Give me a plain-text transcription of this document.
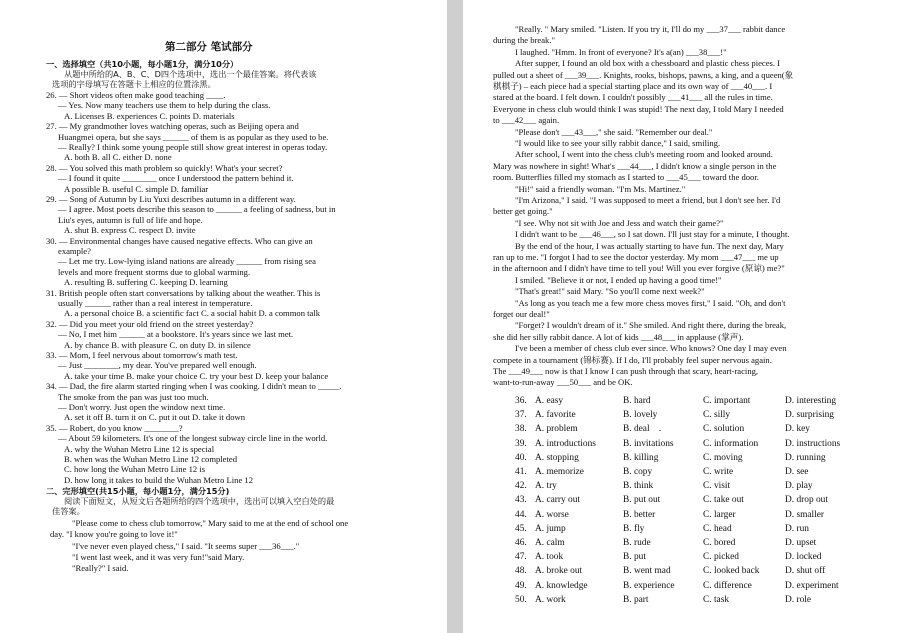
第二部分 笔试部分
一、选择填空（共10小题，每小题1分，满分10分）
从题中所给的A、B、C、D四个选项中，选出一个最佳答案。将代表该
选项的字母填写在答题卡上相应的位置涂黑。
26. — Short videos often make good teaching ____.
— Yes. Now many teachers use them to help during the class.
A. Licenses B. experiences C. points D. materials
27. — My grandmother loves watching operas, such as Beijing opera and
Huangmei opera, but she says ______ of them is as popular as they used to be.
— Really? I think some young people still show great interest in operas today.
A. both B. all C. either D. none
28. — You solved this math problem so quickly! What's your secret?
— I found it quite ________ once I understood the pattern behind it.
A possible B. useful C. simple D. familiar
29. — Song of Autumn by Liu Yuxi describes autumn in a different way.
— I agree. Most poets describe this season to ______ a feeling of sadness, but in
Liu's eyes, autumn is full of life and hope.
A. shut B. express C. respect D. invite
30. — Environmental changes have caused negative effects. Who can give an
example?
— Let me try. Low-lying island nations are already ______ from rising sea
levels and more frequent storms due to global warming.
A. resulting B. suffering C. keeping D. learning
31. British people often start conversations by talking about the weather. This is
usually ______ rather than a real interest in temperature.
A. a personal choice B. a scientific fact C. a social habit D. a common talk
32. — Did you meet your old friend on the street yesterday?
— No, I met him ______ at a bookstore. It's years since we last met.
A. by chance B. with pleasure C. on duty D. in silence
33. — Mom, I feel nervous about tomorrow's math test.
— Just ________, my dear. You've prepared well enough.
A. take your time B. make your choice C. try your best D. keep your balance
34. — Dad, the fire alarm started ringing when I was cooking. I didn't mean to _____.
The smoke from the pan was just too much.
— Don't worry. Just open the window next time.
A. set it off B. turn it on C. put it out D. take it down
35. — Robert, do you know ________?
— About 59 kilometers. It's one of the longest subway circle line in the world.
A. why the Wuhan Metro Line 12 is special
B. when was the Wuhan Metro Line 12 completed
C. how long the Wuhan Metro Line 12 is
D. how long it takes to build the Wuhan Metro Line 12
二、完形填空(共15小题，每小题1分，满分15分)
阅读下面短文，从短文后各题所给的四个选项中，选出可以填入空白处的最
佳答案。
"Please come to chess club tomorrow," Mary said to me at the end of school one
day. "I know you're going to love it!"
"I've never even played chess," I said. "It seems super ___36___."
"I went last week, and it was very fun!"said Mary.
"Really?" I said.
"Really. " Mary smiled. "Listen. If you try it, I'll do my ___37___ rabbit dance
during the break."
I laughed. "Hmm. In front of everyone? It's a(an) ___38___!"
After supper, I found an old box with a chessboard and plastic chess pieces. I
pulled out a sheet of ___39___. Knights, rooks, bishops, pawns, a king, and a queen(象
棋棋子) – each piece had a special starting place and its own way of ___40___. I
stared at the board. I felt down. I couldn't possibly ___41___ all the rules in time.
Everyone in chess club would think I was stupid! The next day, I told Mary I needed
to ___42___ again.
"Please don't ___43___," she said. "Remember our deal."
"I would like to see your silly rabbit dance," I said, smiling.
After school, I went into the chess club's meeting room and looked around.
Mary was nowhere in sight! What's ___44___, I didn't know a single person in the
room. Butterflies filled my stomach as I started to ___45___ toward the door.
"Hi!" said a friendly woman. "I'm Ms. Martinez."
"I'm Arizona," I said. "I was supposed to meet a friend, but I don't see her. I'd
better get going."
"I see. Why not sit with Joe and Jess and watch their game?"
I didn't want to be ___46___, so I sat down. I'll just stay for a minute, I thought.
By the end of the hour, I was actually starting to have fun. The next day, Mary
ran up to me. "I forgot I had to see the doctor yesterday. My mom ___47___ me up
in the afternoon and I didn't have time to tell you! Will you ever forgive (原谅) me?"
I smiled. "Believe it or not, I ended up having a good time!"
"That's great!" said Mary. "So you'll come next week?"
"As long as you teach me a few more chess moves first," I said. "Oh, and don't
forget our deal!"
"Forget? I wouldn't dream of it." She smiled. And right there, during the break,
she did her silly rabbit dance. A lot of kids ___48___ in applause (掌声).
I've been a member of chess club ever since. Who knows? One day I may even
compete in a tournament (锦标赛). If I do, I'll probably feel super nervous again.
The ___49___ now is that I know I can push through that scary, heart-racing,
want-to-run-away ___50___ and be OK.
36. A. easy	B. hard	C. important	D. interesting
37. A. favorite	B. lovely	C. silly	D. surprising
38. A. problem	B. deal　.	C. solution	D. key
39. A. introductions	B. invitations	C. information	D. instructions
40. A. stopping	B. killing	C. moving	D. running
41. A. memorize	B. copy	C. write	D. see
42. A. try	B. think	C. visit	D. play
43. A. carry out	B. put out	C. take out	D. drop out
44. A. worse	B. better	C. larger	D. smaller
45. A. jump	B. fly	C. head	D. run
46. A. calm	B. rude	C. bored	D. upset
47. A. took	B. put	C. picked	D. locked
48. A. broke out	B. went mad	C. looked back	D. shut off
49. A. knowledge	B. experience	C. difference	D. experiment
50. A. work	B. part	C. task	D. role
